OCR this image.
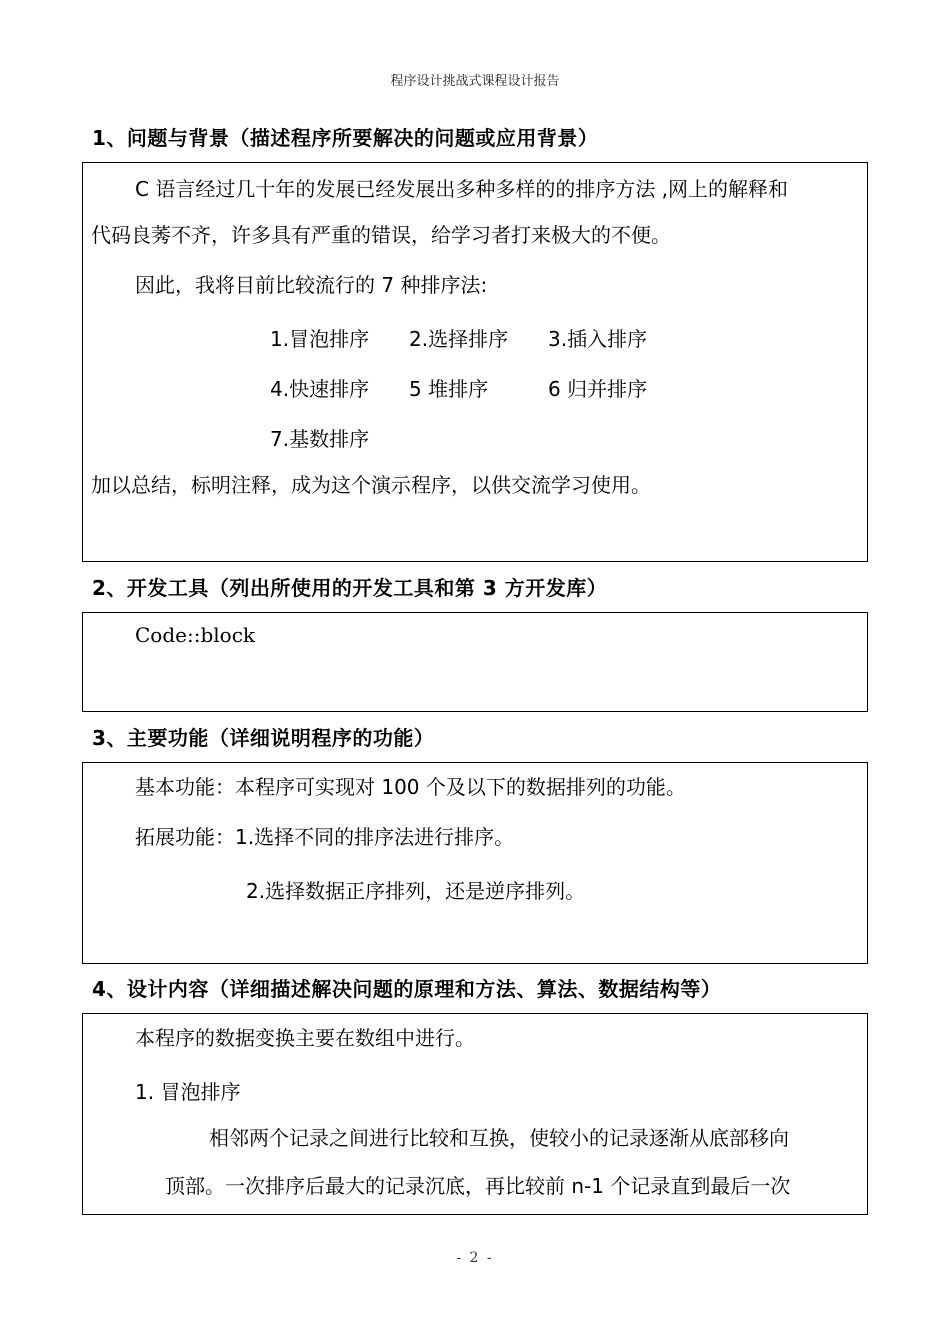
程序设计挑战式课程设计报告
1、问题与背景（描述程序所要解决的问题或应用背景）
C 语言经过几十年的发展已经发展出多种多样的的排序方法 ,网上的解释和
代码良莠不齐，许多具有严重的错误，给学习者打来极大的不便。
因此，我将目前比较流行的 7 种排序法:
1.冒泡排序 2.选择排序 3.插入排序
4.快速排序 5 堆排序	6 归并排序
7.基数排序
加以总结，标明注释，成为这个演示程序，以供交流学习使用。
2、开发工具（列出所使用的开发工具和第 3 方开发库）
Code::block
3、主要功能（详细说明程序的功能）
基本功能：本程序可实现对 100 个及以下的数据排列的功能。
拓展功能：1.选择不同的排序法进行排序。
2.选择数据正序排列，还是逆序排列。
4、设计内容（详细描述解决问题的原理和方法、算法、数据结构等）
本程序的数据变换主要在数组中进行。
1. 冒泡排序
相邻两个记录之间进行比较和互换，使较小的记录逐渐从底部移向
顶部。一次排序后最大的记录沉底，再比较前 n-1 个记录直到最后一次
- 2 -
